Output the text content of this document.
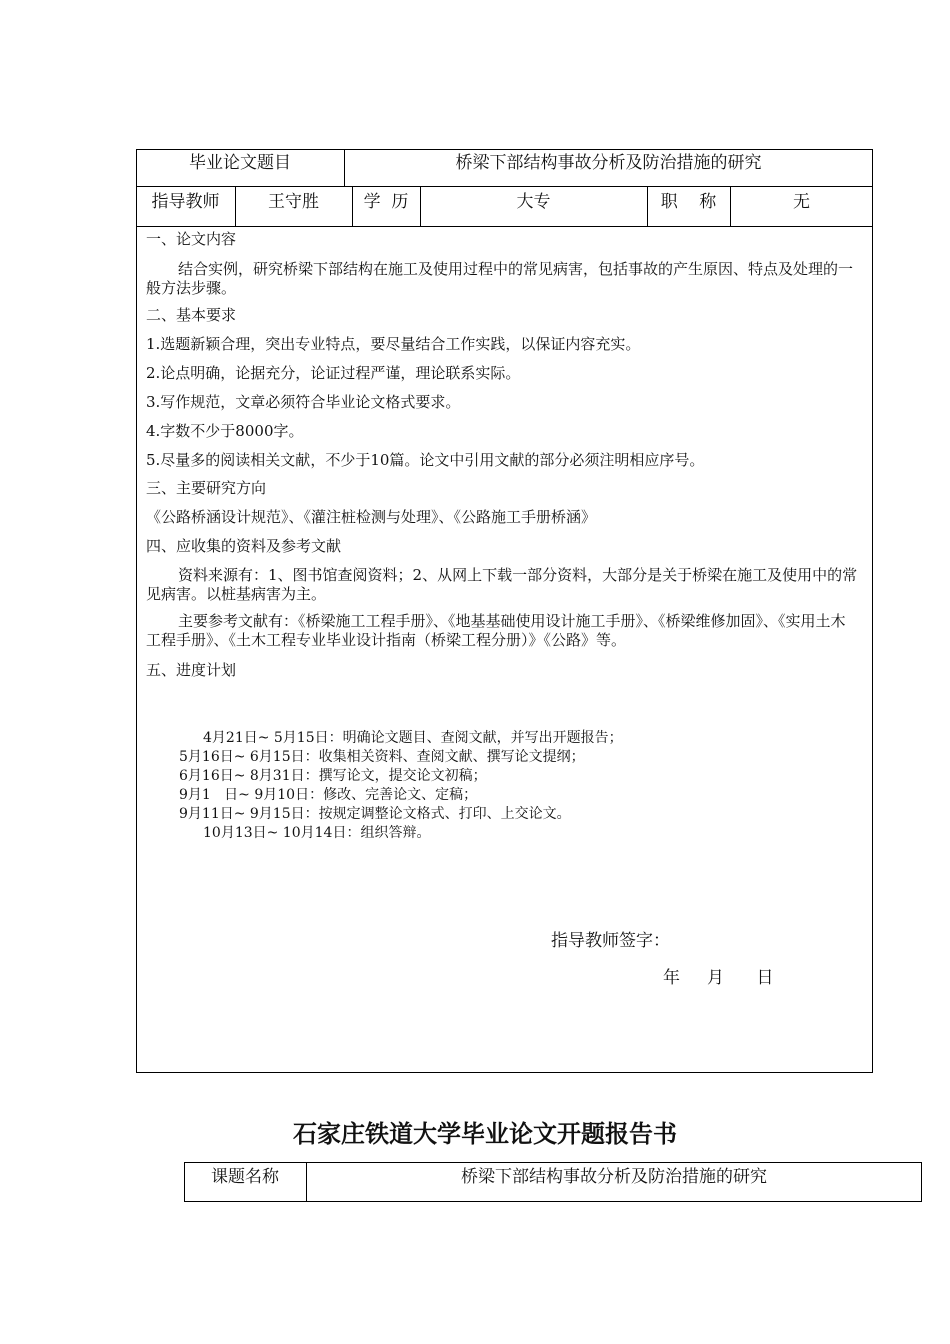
毕业论文题目	桥梁下部结构事故分析及防治措施的研究
指导教师	王守胜	学  历	大专	职    称	无
一、论文内容
结合实例，研究桥梁下部结构在施工及使用过程中的常见病害，包括事故的产生原因、特点及处理的一般方法步骤。
二、基本要求
1.选题新颖合理，突出专业特点，要尽量结合工作实践，以保证内容充实。
2.论点明确，论据充分，论证过程严谨，理论联系实际。
3.写作规范，文章必须符合毕业论文格式要求。
4.字数不少于8000字。
5.尽量多的阅读相关文献，不少于10篇。论文中引用文献的部分必须注明相应序号。
三、主要研究方向
《公路桥涵设计规范》、《灌注桩检测与处理》、《公路施工手册桥涵》
四、应收集的资料及参考文献
资料来源有：1、图书馆查阅资料；2、从网上下载一部分资料，大部分是关于桥梁在施工及使用中的常见病害。以桩基病害为主。
主要参考文献有：《桥梁施工工程手册》、《地基基础使用设计施工手册》、《桥梁维修加固》、《实用土木工程手册》、《土木工程专业毕业设计指南（桥梁工程分册）》《公路》等。
五、进度计划
4月21日~ 5月15日：明确论文题目、查阅文献，并写出开题报告；
5月16日~ 6月15日：收集相关资料、查阅文献、撰写论文提纲；
6月16日~ 8月31日：撰写论文，提交论文初稿；
9月1   日~ 9月10日：修改、完善论文、定稿；
9月11日~ 9月15日：按规定调整论文格式、打印、上交论文。
10月13日~ 10月14日：组织答辩。
指导教师签字：
年     月      日
石家庄铁道大学毕业论文开题报告书
课题名称	桥梁下部结构事故分析及防治措施的研究
